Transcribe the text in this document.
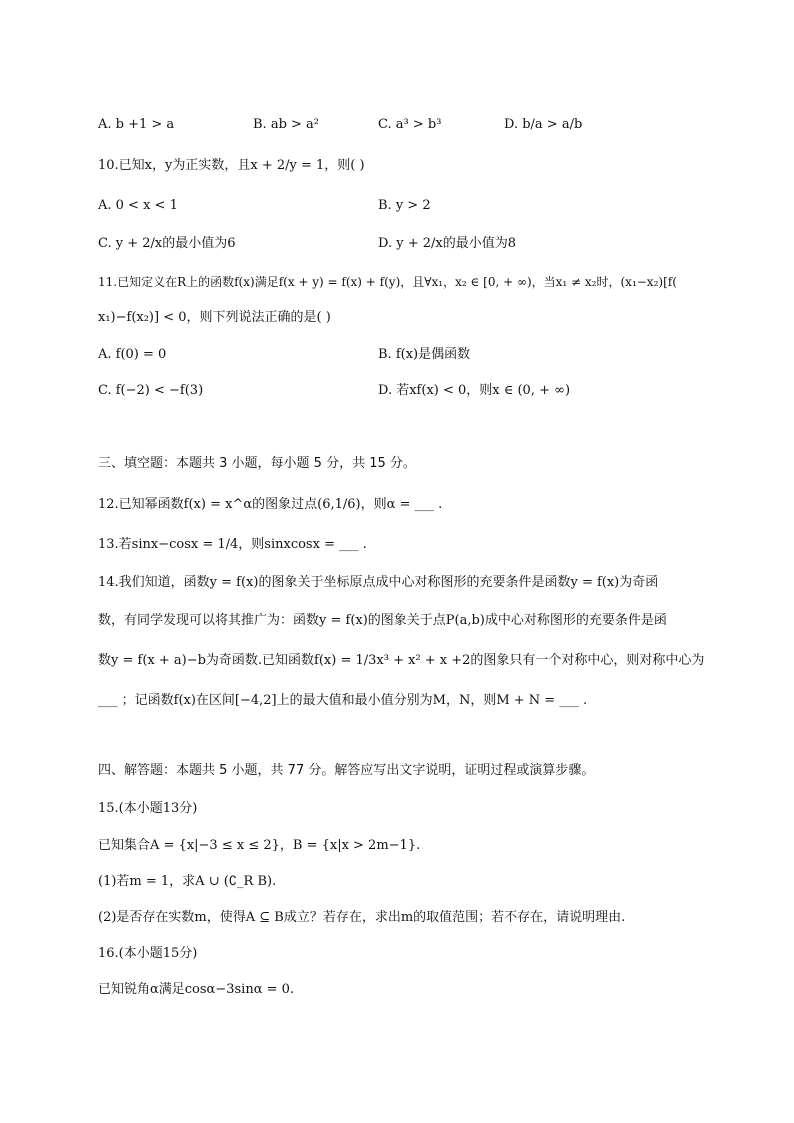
A. b +1 > a	B. ab > a²	C. a³ > b³	D. b/a > a/b
10.已知x，y为正实数，且x + 2/y = 1，则( )
A. 0 < x < 1	B. y > 2
C. y + 2/x的最小值为6	D. y + 2/x的最小值为8
11.已知定义在R上的函数f(x)满足f(x + y) = f(x) + f(y)，且∀x₁，x₂ ∈ [0, + ∞)，当x₁ ≠ x₂时，(x₁−x₂)[f(
x₁)−f(x₂)] < 0，则下列说法正确的是( )
A. f(0) = 0	B. f(x)是偶函数
C. f(−2) < −f(3)	D. 若xf(x) < 0，则x ∈ (0, + ∞)
三、填空题：本题共 3 小题，每小题 5 分，共 15 分。
12.已知幂函数f(x) = x^α的图象过点(6,1/6)，则α = ___ .
13.若sinx−cosx = 1/4，则sinxcosx = ___ .
14.我们知道，函数y = f(x)的图象关于坐标原点成中心对称图形的充要条件是函数y = f(x)为奇函
数，有同学发现可以将其推广为：函数y = f(x)的图象关于点P(a,b)成中心对称图形的充要条件是函
数y = f(x + a)−b为奇函数.已知函数f(x) = 1/3x³ + x² + x +2的图象只有一个对称中心，则对称中心为
___ ；记函数f(x)在区间[−4,2]上的最大值和最小值分别为M，N，则M + N = ___ .
四、解答题：本题共 5 小题，共 77 分。解答应写出文字说明，证明过程或演算步骤。
15.(本小题13分)
已知集合A = {x|−3 ≤ x ≤ 2}，B = {x|x > 2m−1}.
(1)若m = 1，求A ∪ (∁_R B).
(2)是否存在实数m，使得A ⊆ B成立？若存在，求出m的取值范围；若不存在，请说明理由.
16.(本小题15分)
已知锐角α满足cosα−3sinα = 0.
